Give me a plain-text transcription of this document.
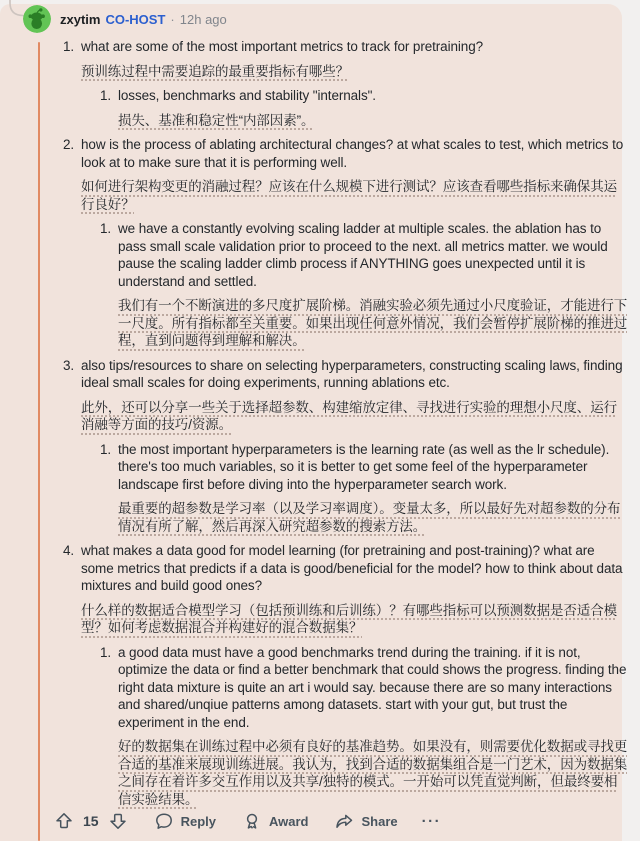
zxytim CO-HOST · 12h ago
1. what are some of the most important metrics to track for pretraining?

预训练过程中需要追踪的最重要指标有哪些？

1. losses, benchmarks and stability "internals".

损失、基准和稳定性“内部因素”。

2. how is the process of ablating architectural changes? at what scales to test, which metrics to look at to make sure that it is performing well.

如何进行架构变更的消融过程？应该在什么规模下进行测试？应该查看哪些指标来确保其运行良好？

1. we have a constantly evolving scaling ladder at multiple scales. the ablation has to pass small scale validation prior to proceed to the next. all metrics matter. we would pause the scaling ladder climb process if ANYTHING goes unexpected until it is understand and settled.

我们有一个不断演进的多尺度扩展阶梯。消融实验必须先通过小尺度验证，才能进行下一尺度。所有指标都至关重要。如果出现任何意外情况，我们会暂停扩展阶梯的推进过程，直到问题得到理解和解决。

3. also tips/resources to share on selecting hyperparameters, constructing scaling laws, finding ideal small scales for doing experiments, running ablations etc.

此外，还可以分享一些关于选择超参数、构建缩放定律、寻找进行实验的理想小尺度、运行消融等方面的技巧/资源。

1. the most important hyperparameters is the learning rate (as well as the lr schedule). there's too much variables, so it is better to get some feel of the hyperparameter landscape first before diving into the hyperparameter search work.

最重要的超参数是学习率（以及学习率调度）。变量太多，所以最好先对超参数的分布情况有所了解，然后再深入研究超参数的搜索方法。

4. what makes a data good for model learning (for pretraining and post-training)? what are some metrics that predicts if a data is good/beneficial for the model? how to think about data mixtures and build good ones?

什么样的数据适合模型学习（包括预训练和后训练）？有哪些指标可以预测数据是否适合模型？如何考虑数据混合并构建好的混合数据集？

1. a good data must have a good benchmarks trend during the training. if it is not, optimize the data or find a better benchmark that could shows the progress. finding the right data mixture is quite an art i would say. because there are so many interactions and shared/unqiue patterns among datasets. start with your gut, but trust the experiment in the end.

好的数据集在训练过程中必须有良好的基准趋势。如果没有，则需要优化数据或寻找更合适的基准来展现训练进展。我认为，找到合适的数据集组合是一门艺术，因为数据集之间存在着许多交互作用以及共享/独特的模式。一开始可以凭直觉判断，但最终要相信实验结果。

15	Reply	Award	Share ···
